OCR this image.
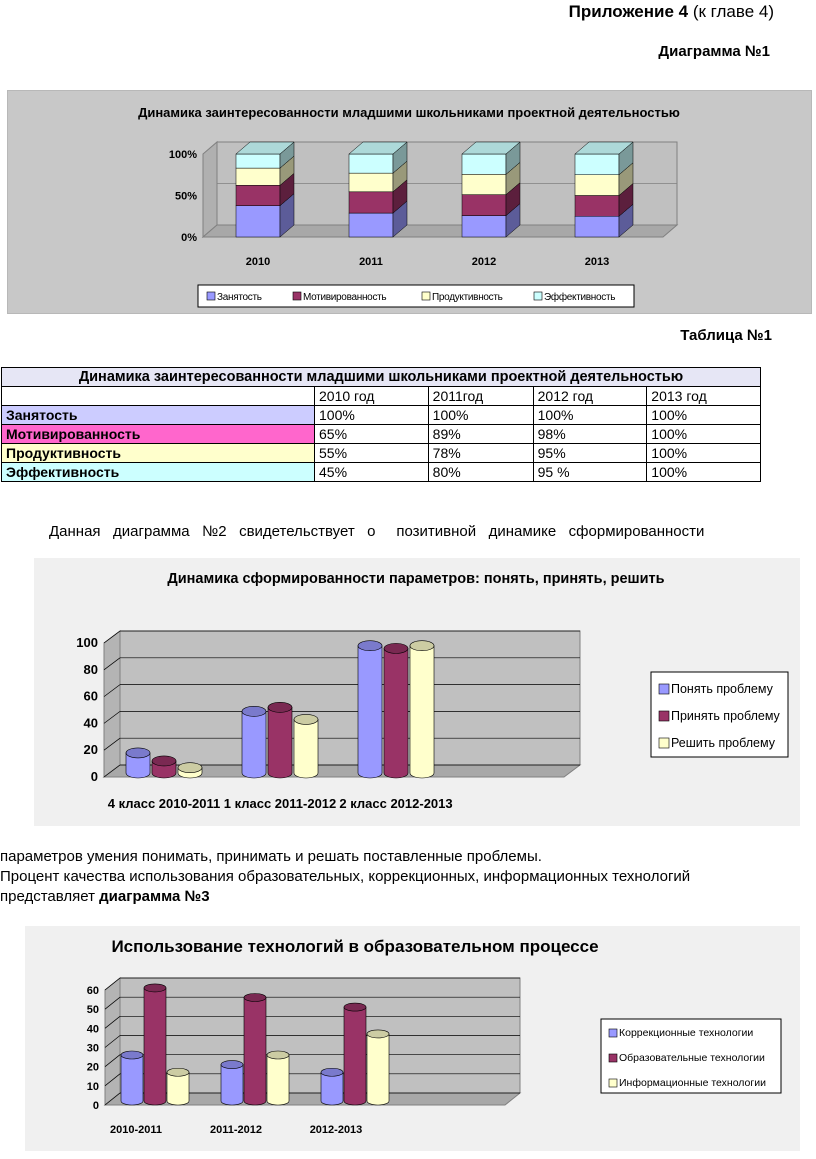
Приложение 4 (к главе 4)
Диаграмма №1
Динамика заинтересованности младшими школьниками проектной деятельностью
0%
50%
100%
2010	2011	2012	2013
Занятость	Мотивированность	Продуктивность	Эффективность
Таблица №1
Динамика заинтересованности младшими школьниками проектной деятельностью				
	2010 год	2011год	2012 год	2013 год
Занятость	100%	100%	100%	100%
Мотивированность	65%	89%	98%	100%
Продуктивность	55%	78%	95%	100%
Эффективность	45%	80%	95 %	100%
Данная   диаграмма   №2   свидетельствует   о     позитивной   динамике   сформированности
Динамика сформированности параметров: понять, принять, решить
0
20
40
60
80
100
4 класс 2010-2011 1 класс 2011-2012 2 класс 2012-2013
Понять проблему
Принять проблему
Решить проблему
параметров умения понимать, принимать и решать поставленные проблемы.
Процент качества использования образовательных, коррекционных, информационных технологий
представляет диаграмма №3
Использование технологий в образовательном процессе
0
10
20
30
40
50
60
2010-2011	2011-2012	2012-2013
Коррекционные технологии
Образовательные технологии
Информационные технологии
